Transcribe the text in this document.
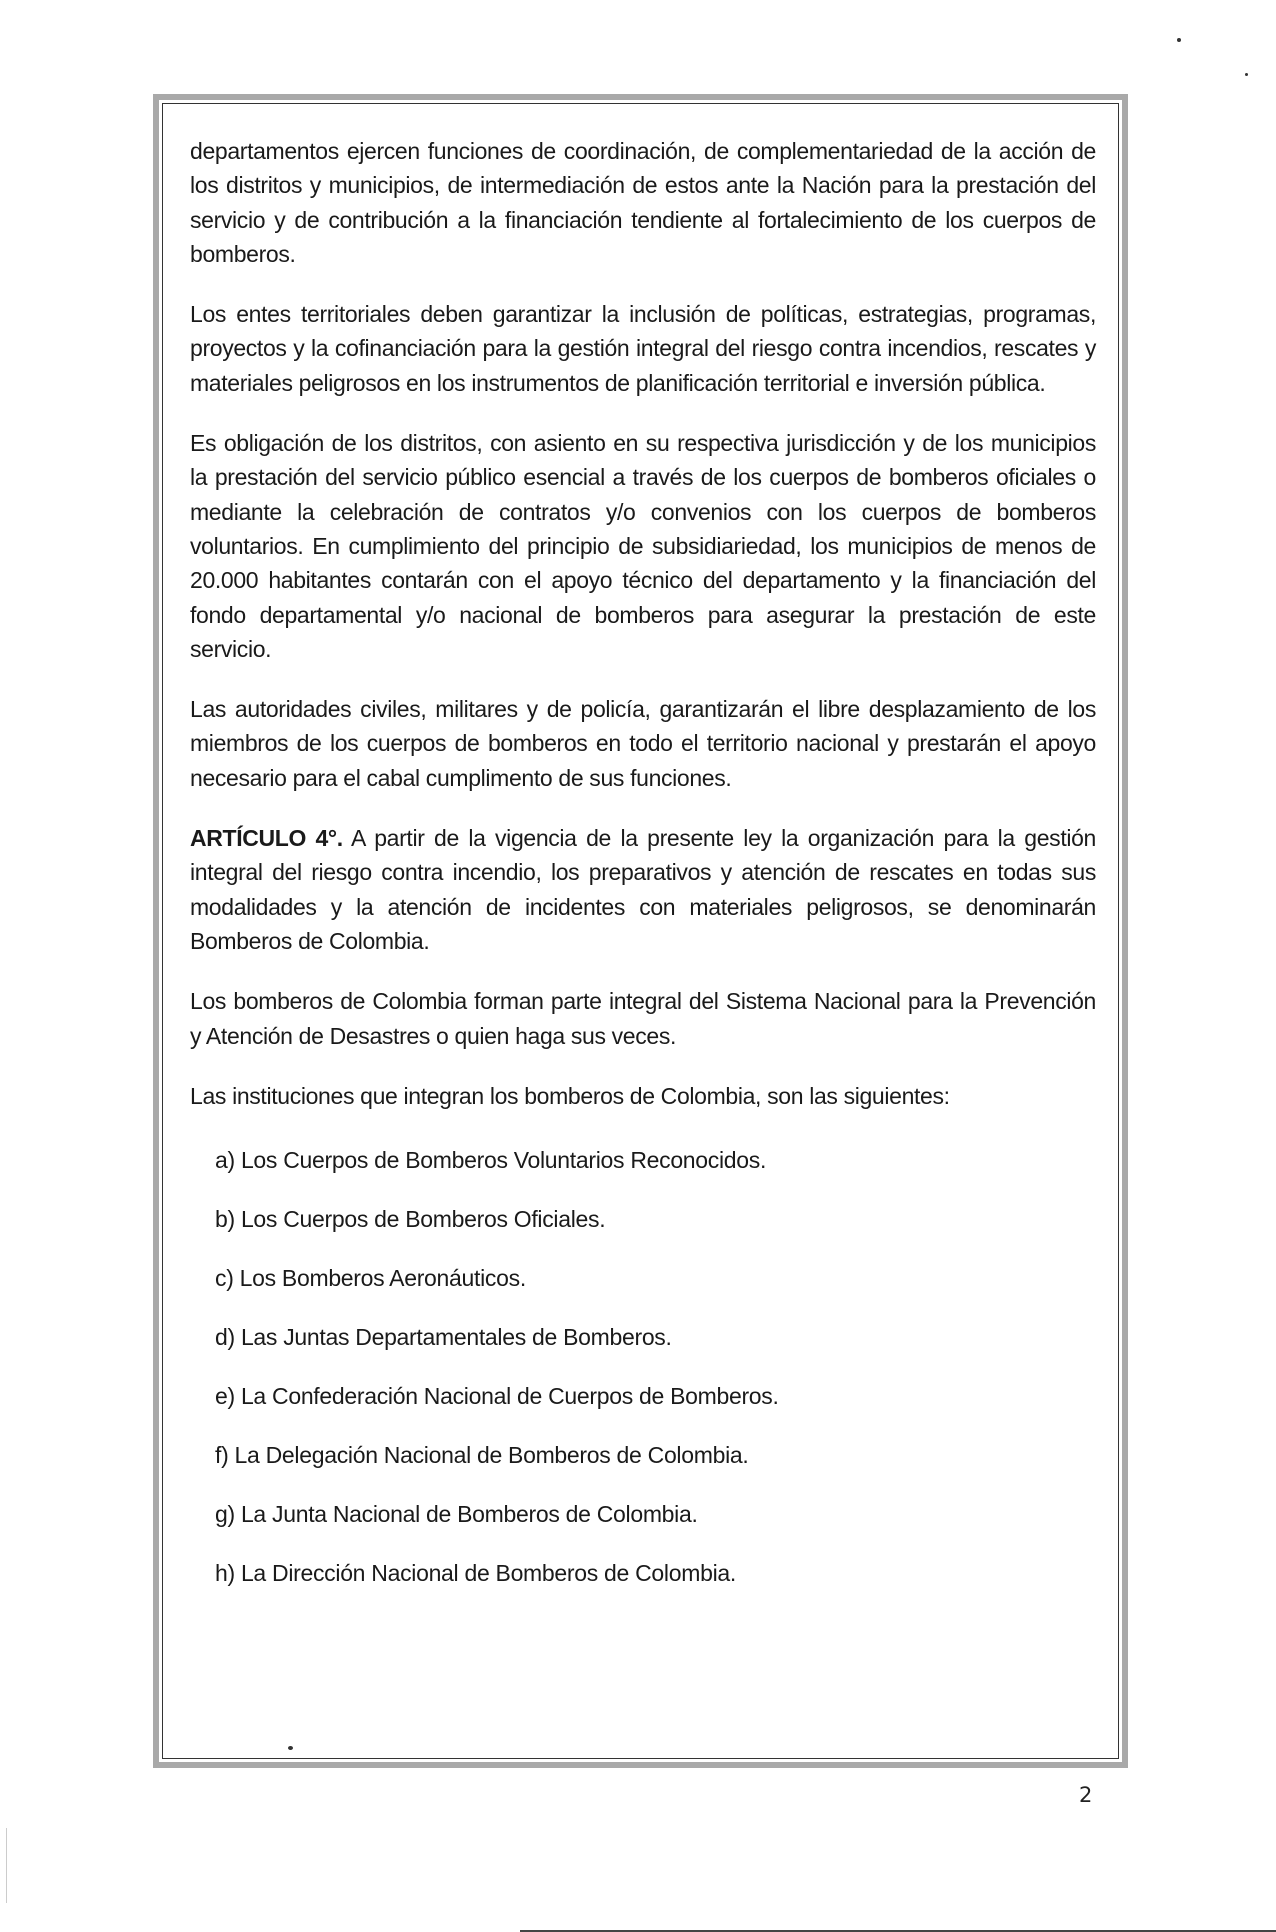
departamentos ejercen funciones de coordinación, de complementariedad de la acción de los distritos y municipios, de intermediación de estos ante la Nación para la prestación del servicio y de contribución a la financiación tendiente al fortalecimiento de los cuerpos de bomberos.

Los entes territoriales deben garantizar la inclusión de políticas, estrategias, programas, proyectos y la cofinanciación para la gestión integral del riesgo contra incendios, rescates y materiales peligrosos en los instrumentos de planificación territorial e inversión pública.

Es obligación de los distritos, con asiento en su respectiva jurisdicción y de los municipios la prestación del servicio público esencial a través de los cuerpos de bomberos oficiales o mediante la celebración de contratos y/o convenios con los cuerpos de bomberos voluntarios. En cumplimiento del principio de subsidiariedad, los municipios de menos de 20.000 habitantes contarán con el apoyo técnico del departamento y la financiación del fondo departamental y/o nacional de bomberos para asegurar la prestación de este servicio.

Las autoridades civiles, militares y de policía, garantizarán el libre desplazamiento de los miembros de los cuerpos de bomberos en todo el territorio nacional y prestarán el apoyo necesario para el cabal cumplimento de sus funciones.

ARTÍCULO 4°. A partir de la vigencia de la presente ley la organización para la gestión integral del riesgo contra incendio, los preparativos y atención de rescates en todas sus modalidades y la atención de incidentes con materiales peligrosos, se denominarán Bomberos de Colombia.

Los bomberos de Colombia forman parte integral del Sistema Nacional para la Prevención y Atención de Desastres o quien haga sus veces.

Las instituciones que integran los bomberos de Colombia, son las siguientes:

a) Los Cuerpos de Bomberos Voluntarios Reconocidos.
b) Los Cuerpos de Bomberos Oficiales.
c) Los Bomberos Aeronáuticos.
d) Las Juntas Departamentales de Bomberos.
e) La Confederación Nacional de Cuerpos de Bomberos.
f) La Delegación Nacional de Bomberos de Colombia.
g) La Junta Nacional de Bomberos de Colombia.
h) La Dirección Nacional de Bomberos de Colombia.
2
